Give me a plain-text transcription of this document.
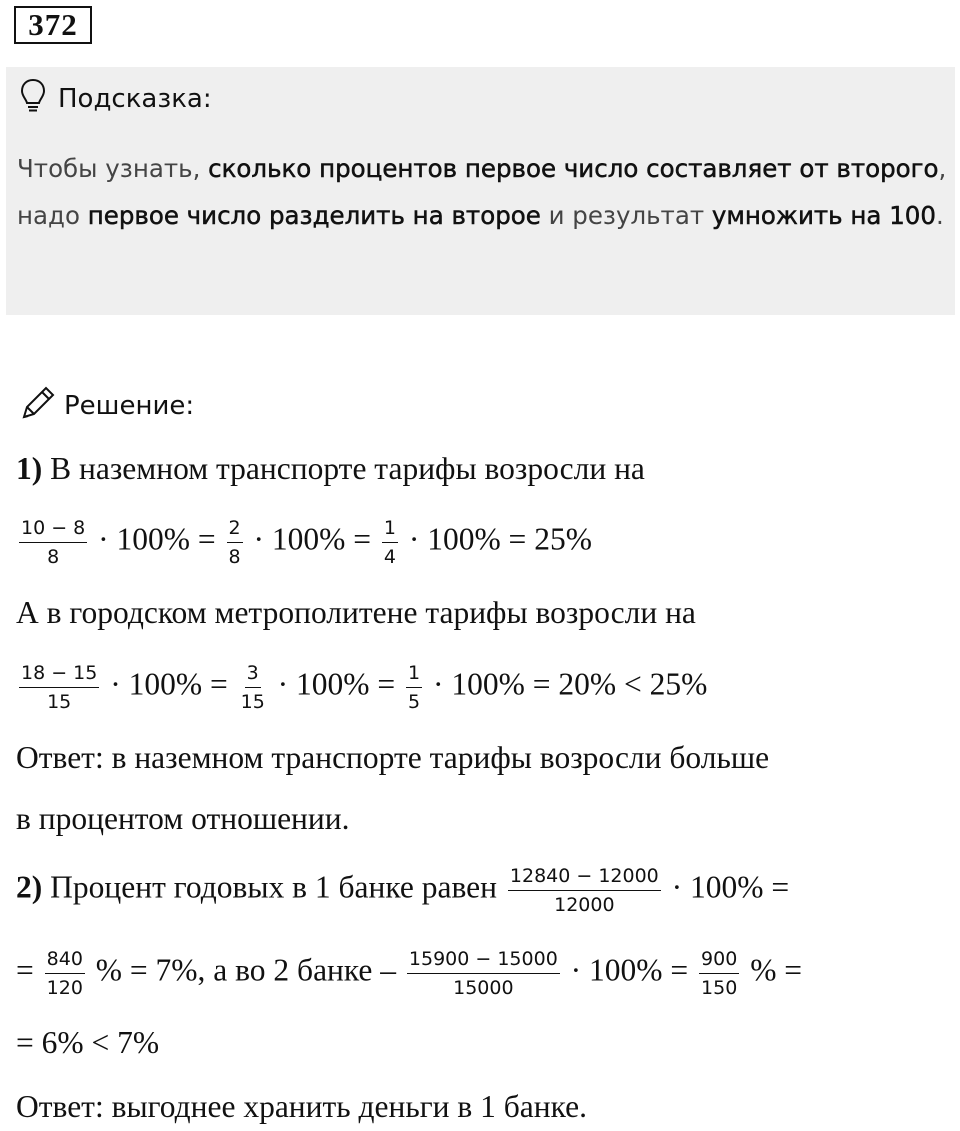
372
Подсказка:
Чтобы узнать, сколько процентов первое число составляет от второго, надо первое число разделить на второе и результат умножить на 100.
Решение:
1) В наземном транспорте тарифы возросли на
$\frac{10 - 8}{8} \cdot 100\% = \frac{2}{8} \cdot 100\% = \frac{1}{4} \cdot 100\% = 25\%$
А в городском метрополитене тарифы возросли на
$\frac{18 - 15}{15} \cdot 100\% = \frac{3}{15} \cdot 100\% = \frac{1}{5} \cdot 100\% = 20\% < 25\%$
Ответ: в наземном транспорте тарифы возросли больше
в процентом отношении.
2) Процент годовых в 1 банке равен $\frac{12840 - 12000}{12000} \cdot 100\%$ =
= $\frac{840}{120}$ % = 7%, а во 2 банке – $\frac{15900 - 15000}{15000} \cdot 100\% = \frac{900}{150}$ % =
= 6% < 7%
Ответ: выгоднее хранить деньги в 1 банке.
